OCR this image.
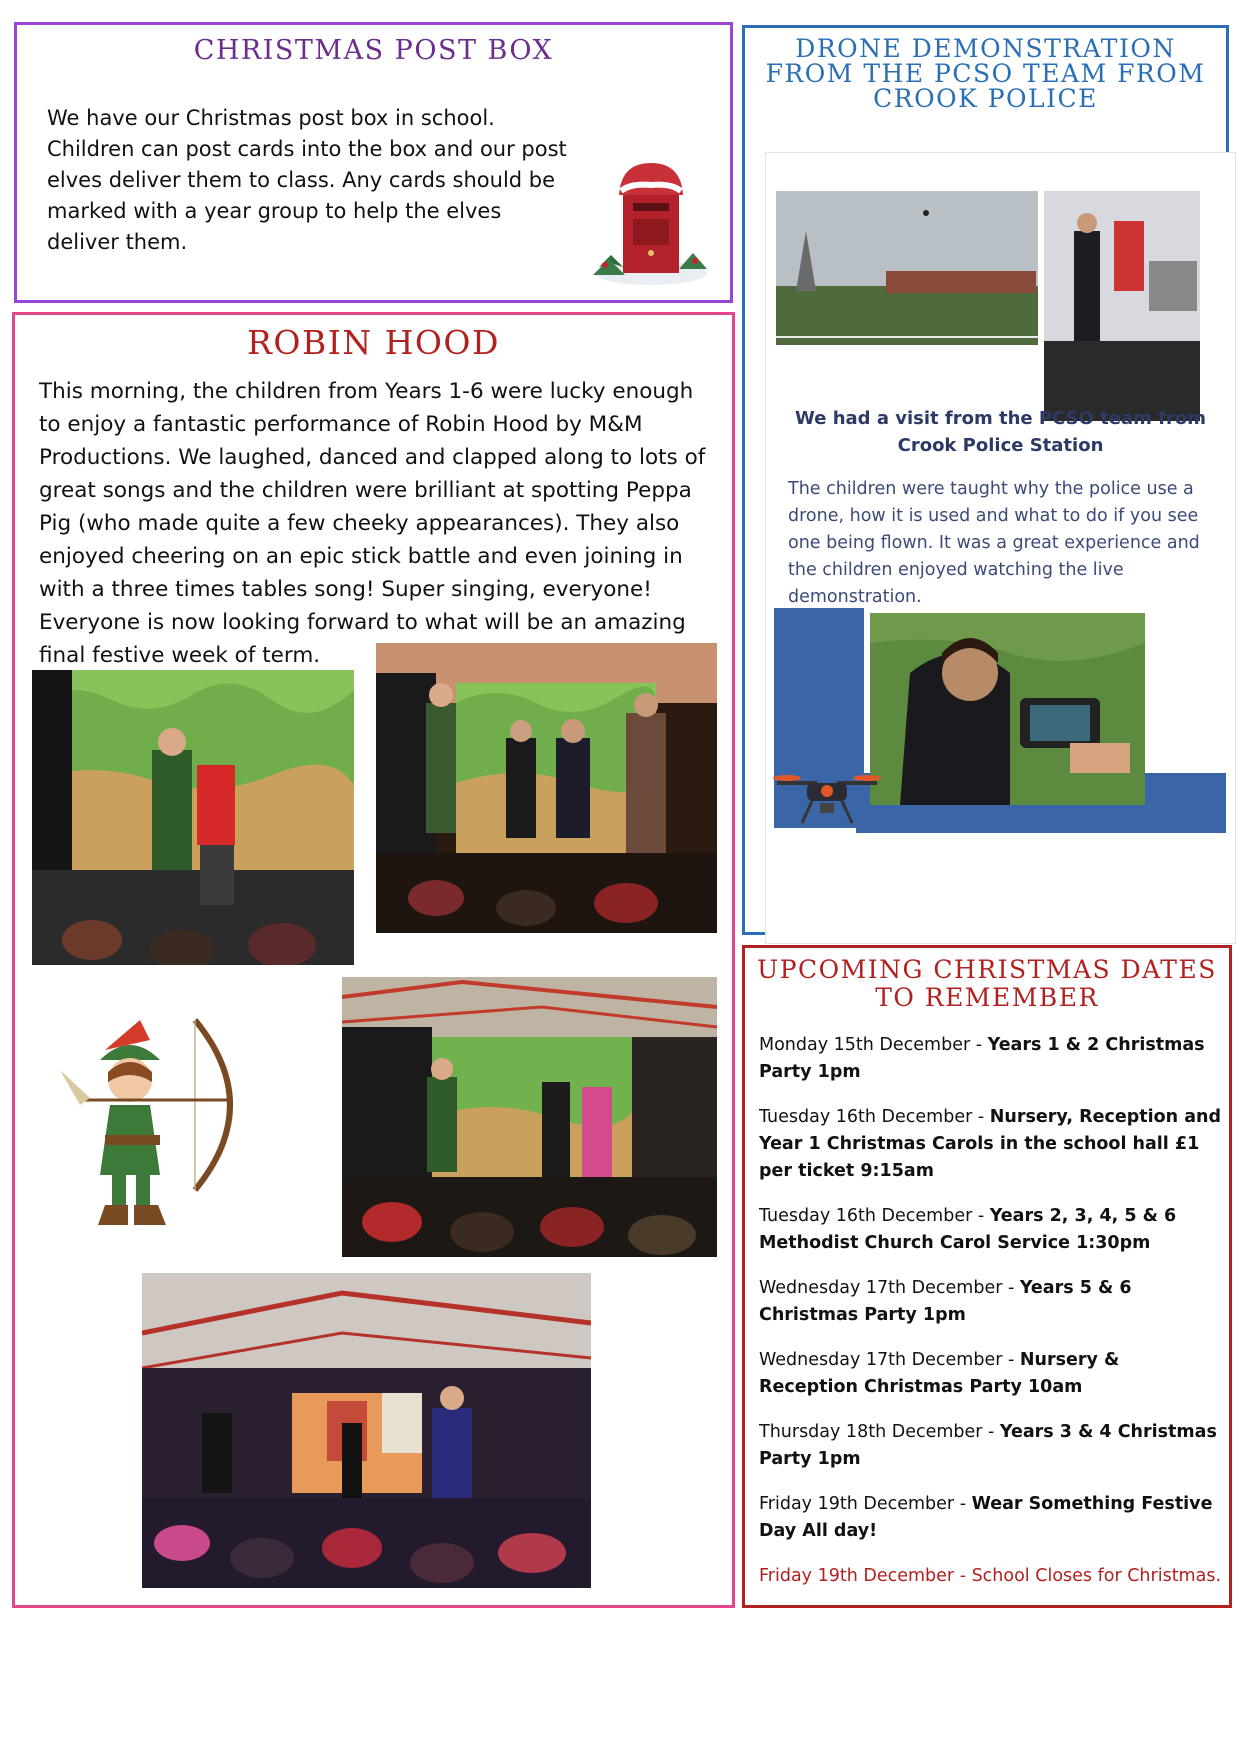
CHRISTMAS POST BOX

We have our Christmas post box in school. Children can post cards into the box and our post elves deliver them to class. Any cards should be marked with a year group to help the elves deliver them.

ROBIN HOOD

This morning, the children from Years 1-6 were lucky enough to enjoy a fantastic performance of Robin Hood by M&M Productions. We laughed, danced and clapped along to lots of great songs and the children were brilliant at spotting Peppa Pig (who made quite a few cheeky appearances). They also enjoyed cheering on an epic stick battle and even joining in with a three times tables song! Super singing, everyone! Everyone is now looking forward to what will be an amazing final festive week of term.

DRONE DEMONSTRATION FROM THE PCSO TEAM FROM CROOK POLICE

We had a visit from the PCSO team from Crook Police Station

The children were taught why the police use a drone, how it is used and what to do if you see one being flown. It was a great experience and the children enjoyed watching the live demonstration.

UPCOMING CHRISTMAS DATES TO REMEMBER

Monday 15th December - Years 1 & 2 Christmas Party 1pm

Tuesday 16th December - Nursery, Reception and Year 1 Christmas Carols in the school hall £1 per ticket 9:15am

Tuesday 16th December - Years 2, 3, 4, 5 & 6 Methodist Church Carol Service 1:30pm

Wednesday 17th December - Years 5 & 6 Christmas Party 1pm

Wednesday 17th December - Nursery & Reception Christmas Party 10am

Thursday 18th December - Years 3 & 4 Christmas Party 1pm

Friday 19th December - Wear Something Festive Day All day!

Friday 19th December - School Closes for Christmas.
